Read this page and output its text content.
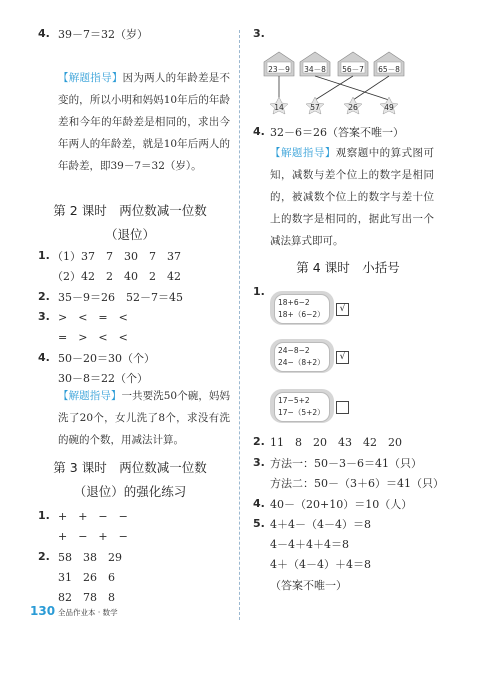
4. 39－7＝32（岁）
【解题指导】因为两人的年龄差是不变的，所以小明和妈妈10年后的年龄差和今年的年龄差是相同的，求出今年两人的年龄差，就是10年后两人的年龄差，即39－7＝32（岁）。
第 2 课时　两位数减一位数
（退位）
1. （1）37　7　30　7　37
（2）42　2　40　2　42
2. 35－9＝26　52－7＝45
3. >　<　=　<
=　>　<　<
4. 50－20＝30（个）
30－8＝22（个）
【解题指导】一共要洗50个碗，妈妈洗了20个，女儿洗了8个，求没有洗的碗的个数，用减法计算。
第 3 课时　两位数减一位数
（退位）的强化练习
1. +　+　−　−
+　−　+　−
2. 58　38　29
31　26　6
82　78　8
3.
23－9	34－8	56－7	65－8
14	57	26	49
4. 32－6＝26（答案不唯一）
【解题指导】观察题中的算式图可知，减数与差个位上的数字是相同的，被减数个位上的数字与差十位上的数字是相同的，据此写出一个减法算式即可。
第 4 课时　小括号
1.
18+6−2
18+（6−2）
√
24−8−2
24−（8+2）
√
17−5+2
17−（5+2）
2. 11　8　20　43　42　20
3. 方法一：50－3－6＝41（只）
方法二：50－（3＋6）＝41（只）
4. 40－（20+10）＝10（人）
5. 4＋4－（4－4）＝8
4－4＋4＋4＝8
4＋（4－4）＋4＝8
（答案不唯一）
130 全品作业本 · 数学
